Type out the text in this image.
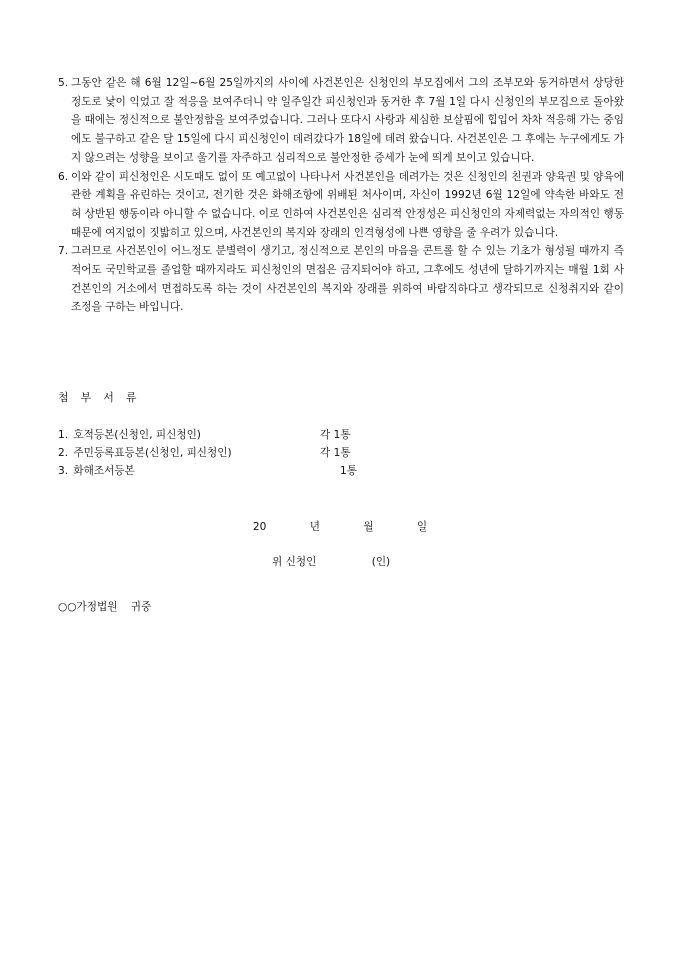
5. 그동안 같은 해 6월 12일~6월 25일까지의 사이에 사건본인은 신청인의 부모집에서 그의 조부모와 동거하면서 상당한 정도로 낯이 익었고 잘 적응을 보여주더니 약 일주일간 피신청인과 동거한 후 7월 1일 다시 신청인의 부모집으로 돌아왔을 때에는 정신적으로 불안정함을 보여주었습니다. 그러나 또다시 사랑과 세심한 보살핌에 힙입어 차차 적응해 가는 중임에도 불구하고 같은 달 15일에 다시 피신청인이 데려갔다가 18일에 데려 왔습니다. 사건본인은 그 후에는 누구에게도 가지 않으려는 성향을 보이고 울기를 자주하고 심리적으로 불안정한 증세가 눈에 띄게 보이고 있습니다.
6. 이와 같이 피신청인은 시도때도 없이 또 예고없이 나타나서 사건본인을 데려가는 것은 신청인의 친권과 양육권 및 양육에 관한 계획을 유린하는 것이고, 전기한 것은 화해조항에 위배된 처사이며, 자신이 1992년 6월 12일에 약속한 바와도 전혀 상반된 행동이라 아니할 수 없습니다. 이로 인하여 사건본인은 심리적 안정성은 피신청인의 자제력없는 자의적인 행동 때문에 여지없이 짓밟히고 있으며, 사건본인의 복지와 장래의 인격형성에 나쁜 영향을 줄 우려가 있습니다.
7. 그러므로 사건본인이 어느정도 분별력이 생기고, 정신적으로 본인의 마음을 콘트롤 할 수 있는 기초가 형성될 때까지 즉 적어도 국민학교를 졸업할 때까지라도 피신청인의 면접은 금지되어야 하고, 그후에도 성년에 달하기까지는 매월 1회 사건본인의 거소에서 면접하도록 하는 것이 사건본인의 복지와 장래를 위하여 바람직하다고 생각되므로 신청취지와 같이 조정을 구하는 바입니다.
첨부서류
1. 호적등본(신청인, 피신청인)	각 1통
2. 주민등록표등본(신청인, 피신청인)	각 1통
3. 화해조서등본	1통
20	년	월	일
위 신청인	(인)
○○가정법원 귀중
